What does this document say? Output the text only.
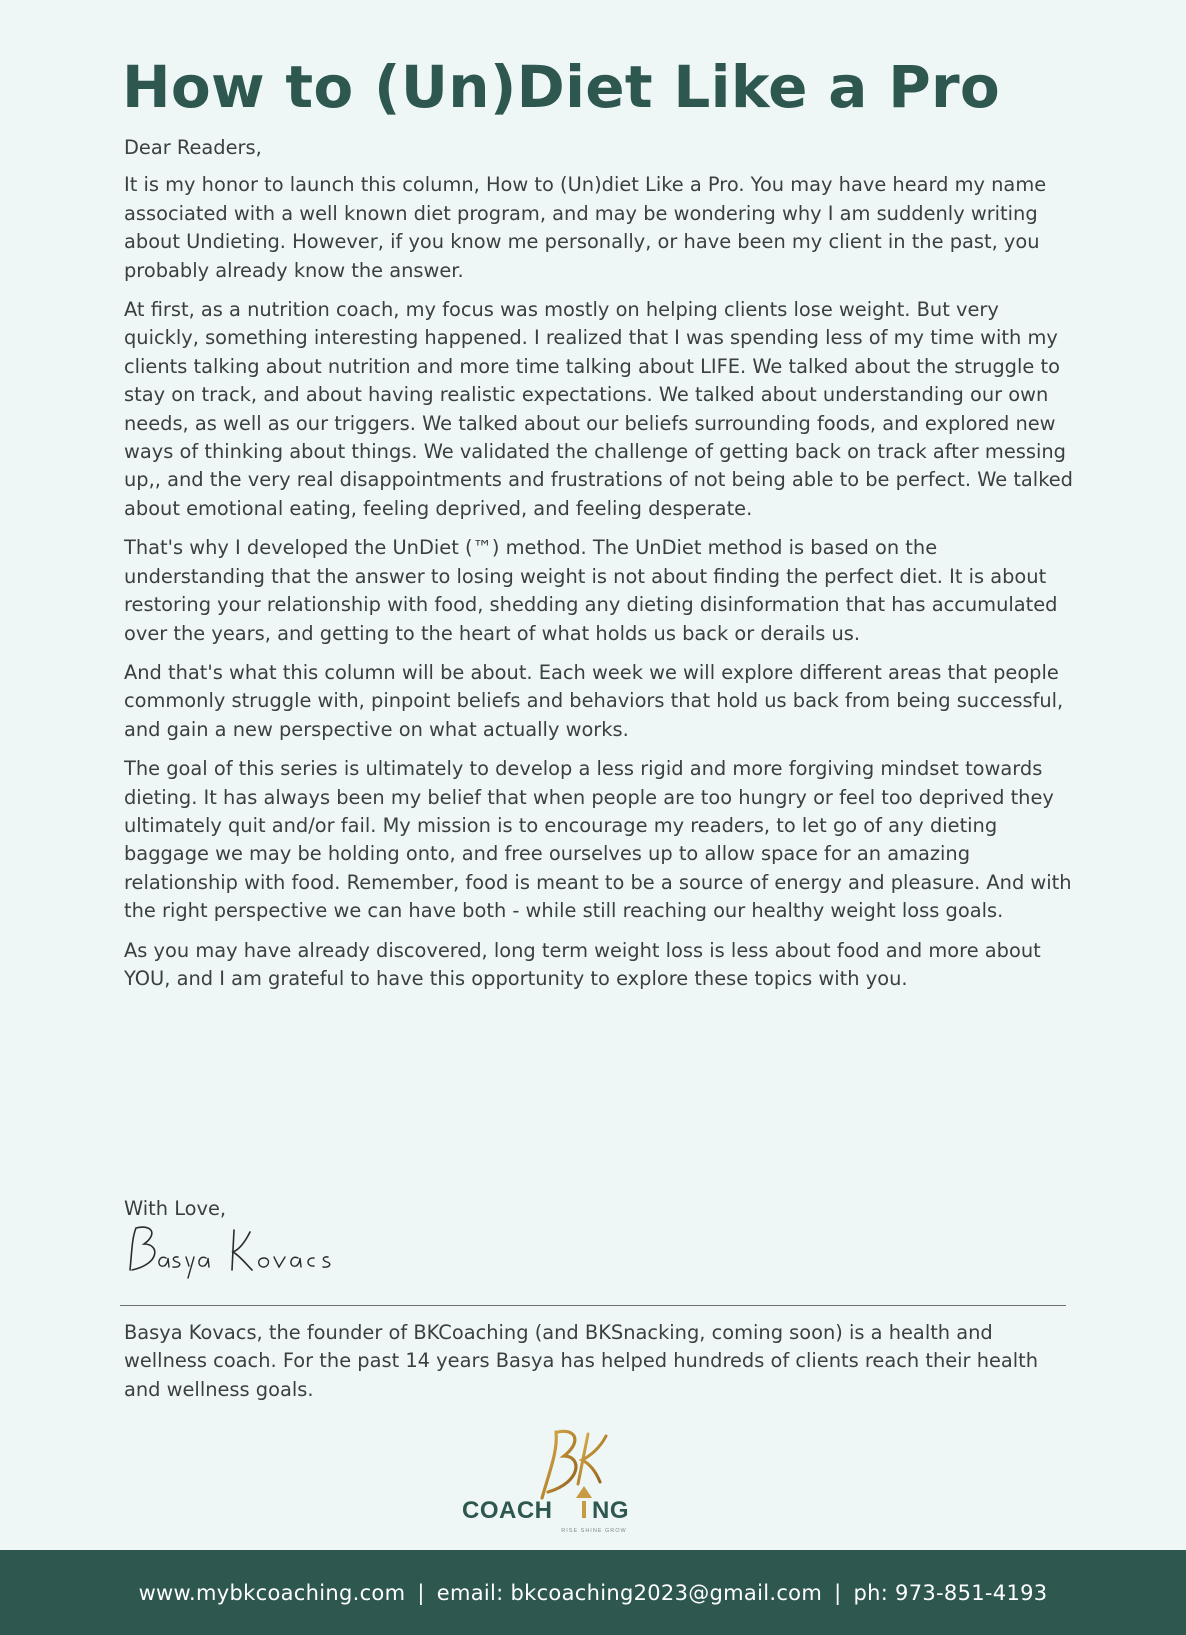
How to (Un)Diet Like a Pro

Dear Readers,

It is my honor to launch this column, How to (Un)diet Like a Pro. You may have heard my name associated with a well known diet program, and may be wondering why I am suddenly writing about Undieting. However, if you know me personally, or have been my client in the past, you probably already know the answer.

At first, as a nutrition coach, my focus was mostly on helping clients lose weight. But very quickly, something interesting happened. I realized that I was spending less of my time with my clients talking about nutrition and more time talking about LIFE. We talked about the struggle to stay on track, and about having realistic expectations. We talked about understanding our own needs, as well as our triggers. We talked about our beliefs surrounding foods, and explored new ways of thinking about things. We validated the challenge of getting back on track after messing up,, and the very real disappointments and frustrations of not being able to be perfect. We talked about emotional eating, feeling deprived, and feeling desperate.

That's why I developed the UnDiet (™) method. The UnDiet method is based on the understanding that the answer to losing weight is not about finding the perfect diet. It is about restoring your relationship with food, shedding any dieting disinformation that has accumulated over the years, and getting to the heart of what holds us back or derails us.

And that's what this column will be about. Each week we will explore different areas that people commonly struggle with, pinpoint beliefs and behaviors that hold us back from being successful, and gain a new perspective on what actually works.

The goal of this series is ultimately to develop a less rigid and more forgiving mindset towards dieting. It has always been my belief that when people are too hungry or feel too deprived they ultimately quit and/or fail. My mission is to encourage my readers, to let go of any dieting baggage we may be holding onto, and free ourselves up to allow space for an amazing relationship with food. Remember, food is meant to be a source of energy and pleasure. And with the right perspective we can have both - while still reaching our healthy weight loss goals.

As you may have already discovered, long term weight loss is less about food and more about YOU, and I am grateful to have this opportunity to explore these topics with you.

With Love,

Basya Kovacs, the founder of BKCoaching (and BKSnacking, coming soon) is a health and wellness coach. For the past 14 years Basya has helped hundreds of clients reach their health and wellness goals.

COACH NG
RISE SHINE GROW
www.mybkcoaching.com | email: bkcoaching2023@gmail.com | ph: 973-851-4193
